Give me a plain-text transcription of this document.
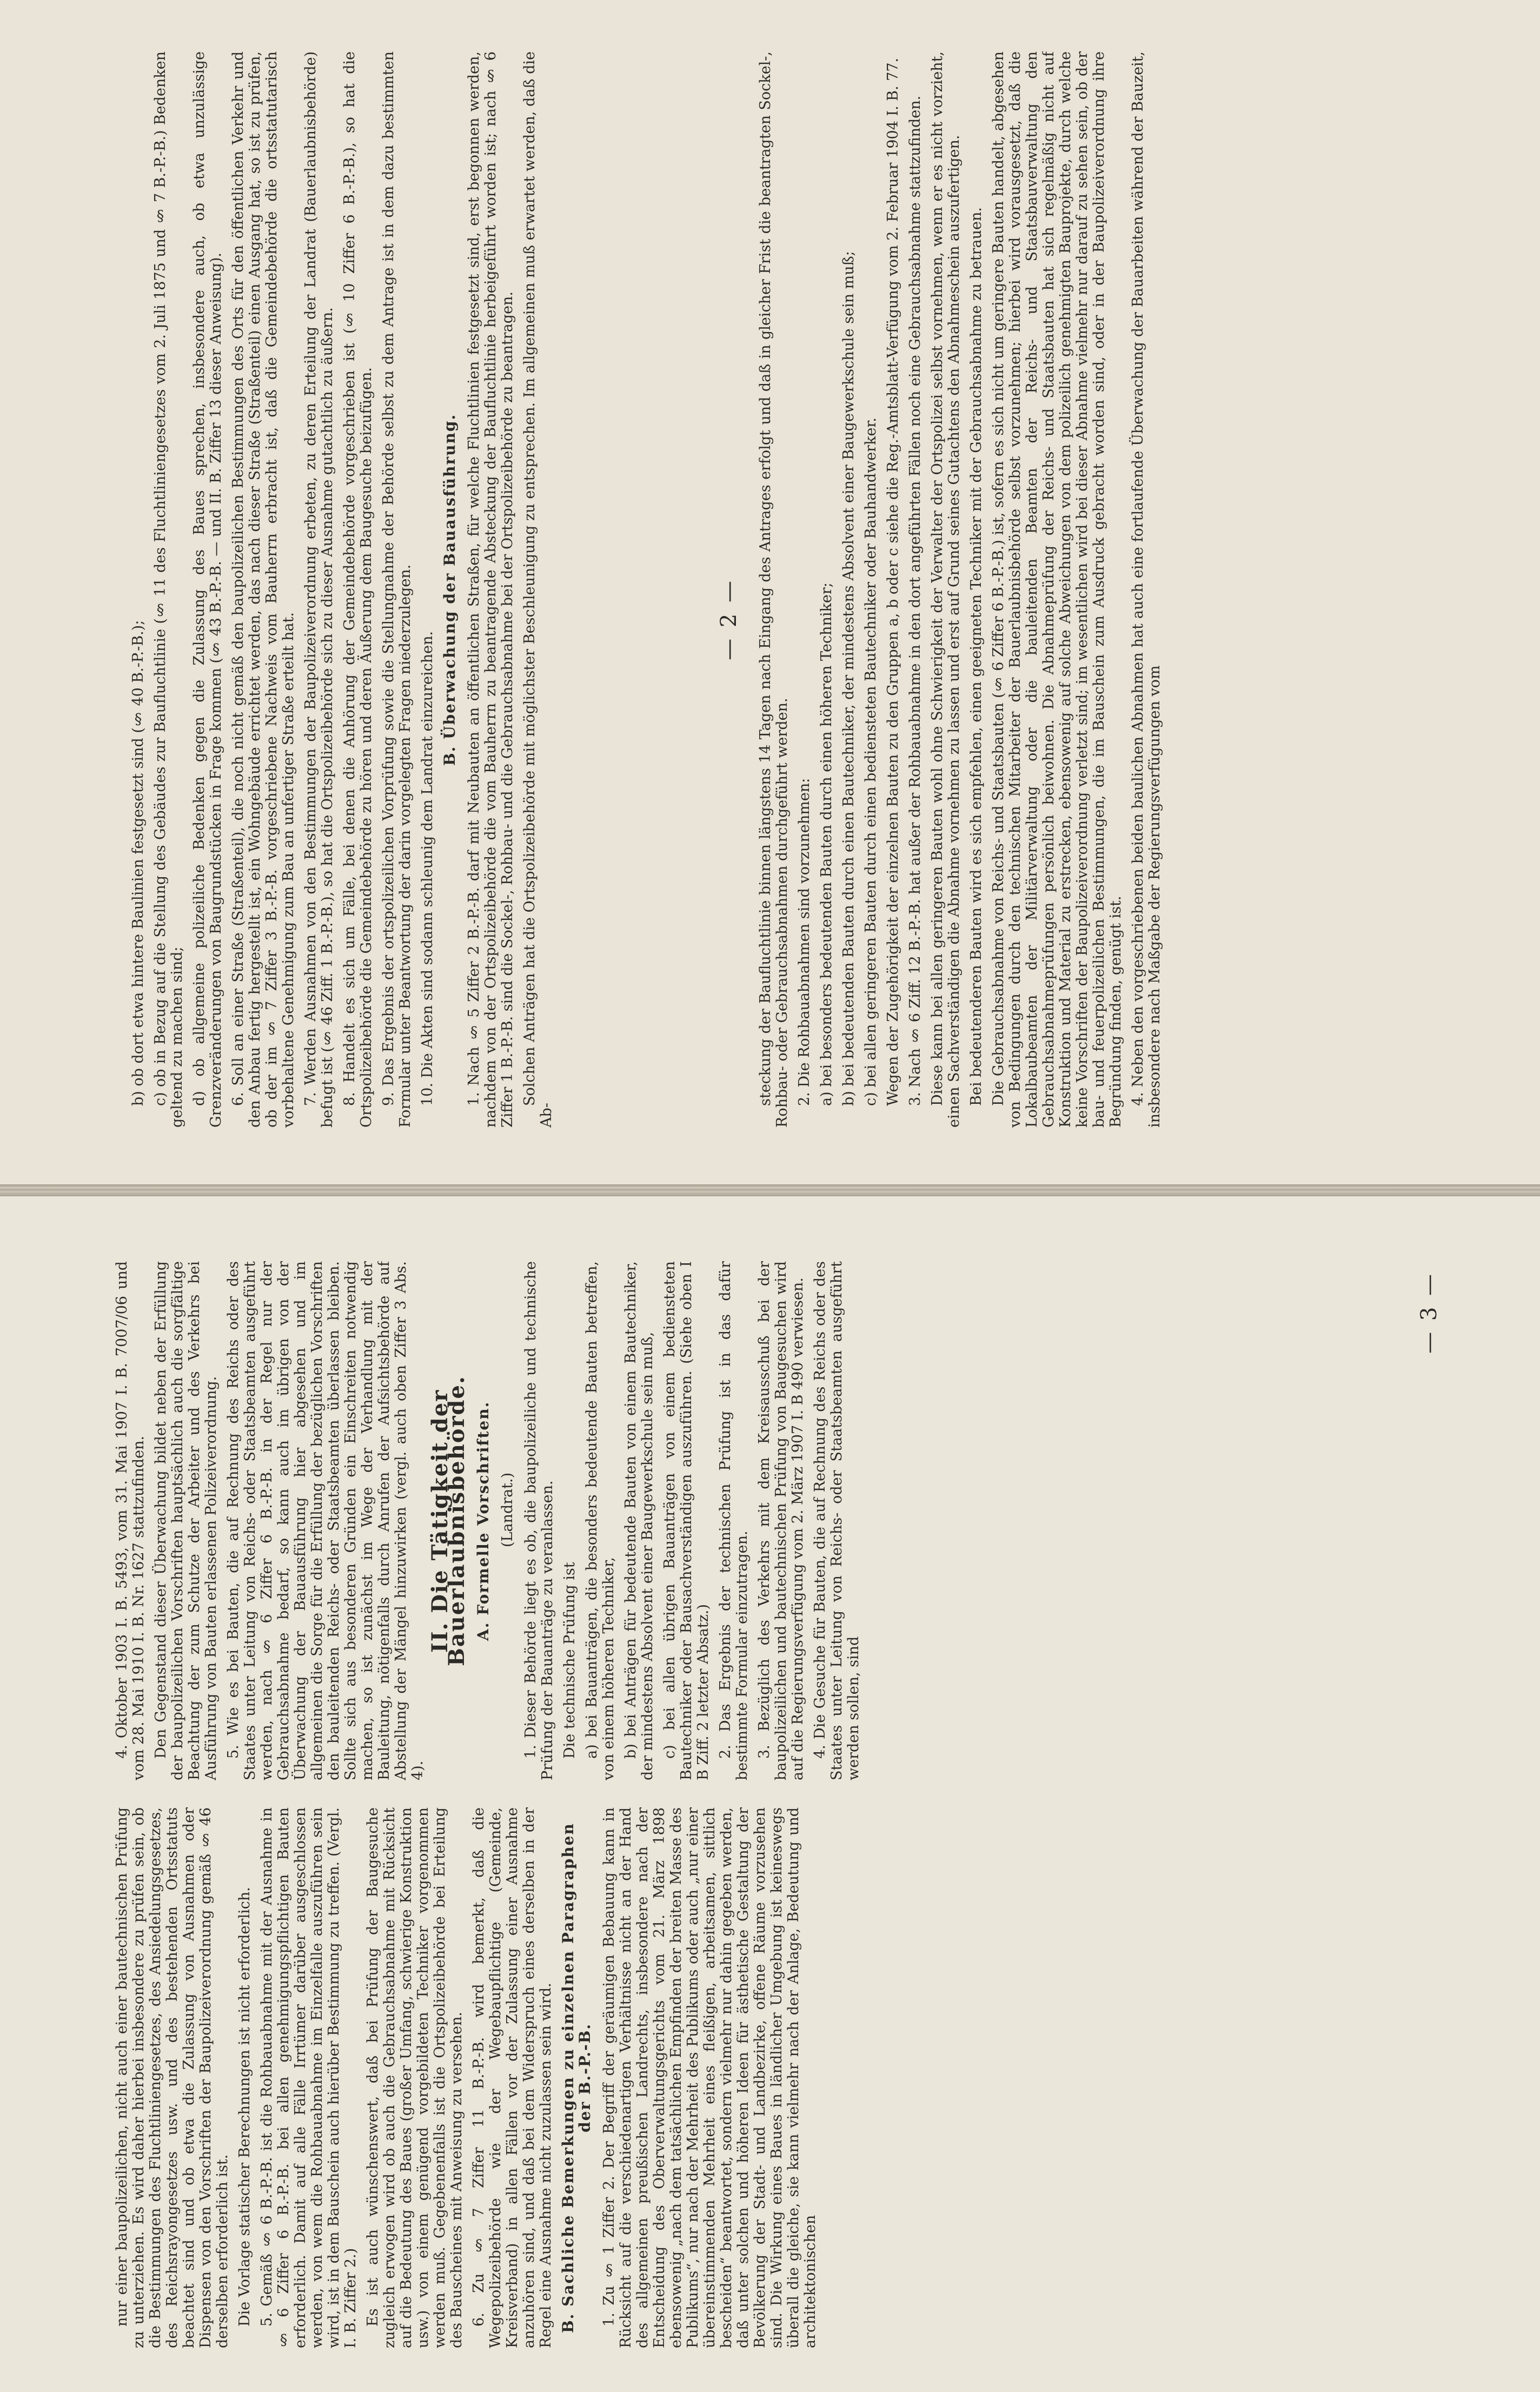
— 2 —

b) ob dort etwa hintere Baulinien festgesetzt sind (§ 40 B.-P.-B.); c) ob in Bezug auf die Stellung des Gebäudes zur Baufluchtlinie (§ 11 des Fluchtliniengesetzes vom 2. Juli 1875 und § 7 B.-P.-B.) Bedenken geltend zu machen sind; d) ob allgemeine polizeiliche Bedenken gegen die Zulassung des Baues sprechen, insbesondere auch, ob etwa unzulässige Grenzveränderungen von Baugrundstücken in Frage kommen (§ 43 B.-P.-B. — und II. B. Ziffer 13 dieser Anweisung). 6. Soll an einer Straße (Straßenteil), die noch nicht gemäß den baupolizeilichen Bestimmungen des Orts für den öffentlichen Verkehr und den Anbau fertig hergestellt ist, ein Wohngebäude errichtet werden, das nach dieser Straße (Straßenteil) einen Ausgang hat, so ist zu prüfen, ob der im § 7 Ziffer 3 B.-P.-B. vorgeschriebene Nachweis vom Bauherrn erbracht ist, daß die Gemeindebehörde die ortsstatutarisch vorbehaltene Genehmigung zum Bau an unfertiger Straße erteilt hat. 7. Werden Ausnahmen von den Bestimmungen der Baupolizeiverordnung erbeten, zu deren Erteilung der Landrat (Bauerlaubnisbehörde) befugt ist (§ 46 Ziff. 1 B.-P.-B.), so hat die Ortspolizeibehörde sich zu dieser Ausnahme gutachtlich zu äußern. 8. Handelt es sich um Fälle, bei denen die Anhörung der Gemeindebehörde vorgeschrieben ist (§ 10 Ziffer 6 B.-P.-B.), so hat die Ortspolizeibehörde die Gemeindebehörde zu hören und deren Äußerung dem Baugesuche beizufügen. 9. Das Ergebnis der ortspolizeilichen Vorprüfung sowie die Stellungnahme der Behörde selbst zu dem Antrage ist in dem dazu bestimmten Formular unter Beantwortung der darin vorgelegten Fragen niederzulegen. 10. Die Akten sind sodann schleunig dem Landrat einzureichen.

B. Überwachung der Bauausführung. 1. Nach § 5 Ziffer 2 B.-P.-B. darf mit Neubauten an öffentlichen Straßen, für welche Fluchtlinien festgesetzt sind, erst begonnen werden, nachdem von der Ortspolizeibehörde die vom Bauherrn zu beantragende Absteckung der Baufluchtlinie herbeigeführt worden ist; nach § 6 Ziffer 1 B.-P.-B. sind die Sockel-, Rohbau- und die Gebrauchsabnahme bei der Ortspolizeibehörde zu beantragen. Solchen Anträgen hat die Ortspolizeibehörde mit möglichster Beschleunigung zu entsprechen. Im allgemeinen muß erwartet werden, daß die Ab-

steckung der Baufluchtlinie binnen längstens 14 Tagen nach Eingang des Antrages erfolgt und daß in gleicher Frist die beantragten Sockel-, Rohbau- oder Gebrauchsabnahmen durchgeführt werden. 2. Die Rohbauabnahmen sind vorzunehmen: a) bei besonders bedeutenden Bauten durch einen höheren Techniker; b) bei bedeutenden Bauten durch einen Bautechniker, der mindestens Absolvent einer Baugewerkschule sein muß; c) bei allen geringeren Bauten durch einen bediensteten Bautechniker oder Bauhandwerker. Wegen der Zugehörigkeit der einzelnen Bauten zu den Gruppen a, b oder c siehe die Reg.-Amtsblatt-Verfügung vom 2. Februar 1904 I. B. 77. 3. Nach § 6 Ziff. 12 B.-P.-B. hat außer der Rohbauabnahme in den dort angeführten Fällen noch eine Gebrauchsabnahme stattzufinden. Diese kann bei allen geringeren Bauten wohl ohne Schwierigkeit der Verwalter der Ortspolizei selbst vornehmen, wenn er es nicht vorzieht, einen Sachverständigen die Abnahme vornehmen zu lassen und erst auf Grund seines Gutachtens den Abnahmeschein auszufertigen. Bei bedeutenderen Bauten wird es sich empfehlen, einen geeigneten Techniker mit der Gebrauchsabnahme zu betrauen. Die Gebrauchsabnahme von Reichs- und Staatsbauten (§ 6 Ziffer 6 B.-P.-B.) ist, sofern es sich nicht um geringere Bauten handelt, abgesehen von Bedingungen durch den technischen Mitarbeiter der Bauerlaubnisbehörde selbst vorzunehmen; hierbei wird vorausgesetzt, daß die Lokalbaubeamten der Militärverwaltung oder die bauleitenden Beamten der Reichs- und Staatsbauverwaltung den Gebrauchsabnahmeprüfungen persönlich beiwohnen. Die Abnahmeprüfung der Reichs- und Staatsbauten hat sich regelmäßig nicht auf Konstruktion und Material zu erstrecken, ebensowenig auf solche Abweichungen von dem polizeilich genehmigten Bauprojekte, durch welche keine Vorschriften der Baupolizeiverordnung verletzt sind; im wesentlichen wird bei dieser Abnahme vielmehr nur darauf zu sehen sein, ob der bau- und feuerpolizeilichen Bestimmungen, die im Bauschein zum Ausdruck gebracht worden sind, oder in der Baupolizeiverordnung ihre Begründung finden, genügt ist. 4. Neben den vorgeschriebenen beiden baulichen Abnahmen hat auch eine fortlaufende Überwachung der Bauarbeiten während der Bauzeit, insbesondere nach Maßgabe der Regierungsverfügungen vom

— 3 —

4. Oktober 1903 I. B. 5493, vom 31. Mai 1907 I. B. 7007/06 und vom 28. Mai 1910 I. B. Nr. 1627 stattzufinden. Den Gegenstand dieser Überwachung bildet neben der Erfüllung der baupolizeilichen Vorschriften hauptsächlich auch die sorgfältige Beachtung der zum Schutze der Arbeiter und des Verkehrs bei Ausführung von Bauten erlassenen Polizeiverordnung. 5. Wie es bei Bauten, die auf Rechnung des Reichs oder des Staates unter Leitung von Reichs- oder Staatsbeamten ausgeführt werden, nach § 6 Ziffer 6 B.-P.-B. in der Regel nur der Gebrauchsabnahme bedarf, so kann auch im übrigen von der Überwachung der Bauausführung hier abgesehen und im allgemeinen die Sorge für die Erfüllung der bezüglichen Vorschriften den bauleitenden Reichs- oder Staatsbeamten überlassen bleiben. Sollte sich aus besonderen Gründen ein Einschreiten notwendig machen, so ist zunächst im Wege der Verhandlung mit der Bauleitung, nötigenfalls durch Anrufen der Aufsichtsbehörde auf Abstellung der Mängel hinzuwirken (vergl. auch oben Ziffer 3 Abs. 4).

II. Die Tätigkeit der Bauerlaubnisbehörde. A. Formelle Vorschriften. (Landrat.) 1. Dieser Behörde liegt es ob, die baupolizeiliche und technische Prüfung der Bauanträge zu veranlassen. Die technische Prüfung ist a) bei Bauanträgen, die besonders bedeutende Bauten betreffen, von einem höheren Techniker, b) bei Anträgen für bedeutende Bauten von einem Bautechniker, der mindestens Absolvent einer Baugewerkschule sein muß, c) bei allen übrigen Bauanträgen von einem bediensteten Bautechniker oder Bausachverständigen auszuführen. (Siehe oben I B Ziff. 2 letzter Absatz.) 2. Das Ergebnis der technischen Prüfung ist in das dafür bestimmte Formular einzutragen. 3. Bezüglich des Verkehrs mit dem Kreisausschuß bei der baupolizeilichen und bautechnischen Prüfung von Baugesuchen wird auf die Regierungsverfügung vom 2. März 1907 I. B 490 verwiesen. 4. Die Gesuche für Bauten, die auf Rechnung des Reichs oder des Staates unter Leitung von Reichs- oder Staatsbeamten ausgeführt werden sollen, sind

nur einer baupolizeilichen, nicht auch einer bautechnischen Prüfung zu unterziehen. Es wird daher hierbei insbesondere zu prüfen sein, ob die Bestimmungen des Fluchtliniengesetzes, des Ansiedelungsgesetzes, des Reichsrayongesetzes usw. und des bestehenden Ortsstatuts beachtet sind und ob etwa die Zulassung von Ausnahmen oder Dispensen von den Vorschriften der Baupolizeiverordnung gemäß § 46 derselben erforderlich ist. Die Vorlage statischer Berechnungen ist nicht erforderlich. 5. Gemäß § 6 B.-P.-B. ist die Rohbauabnahme mit der Ausnahme in § 6 Ziffer 6 B.-P.-B. bei allen genehmigungspflichtigen Bauten erforderlich. Damit auf alle Fälle Irrtümer darüber ausgeschlossen werden, von wem die Rohbauabnahme im Einzelfalle auszuführen sein wird, ist in dem Bauschein auch hierüber Bestimmung zu treffen. (Vergl. I. B. Ziffer 2.) Es ist auch wünschenswert, daß bei Prüfung der Baugesuche zugleich erwogen wird ob auch die Gebrauchsabnahme mit Rücksicht auf die Bedeutung des Baues (großer Umfang, schwierige Konstruktion usw.) von einem genügend vorgebildeten Techniker vorgenommen werden muß. Gegebenenfalls ist die Ortspolizeibehörde bei Erteilung des Bauscheines mit Anweisung zu versehen. 6. Zu § 7 Ziffer 11 B.-P.-B. wird bemerkt, daß die Wegepolizeibehörde wie der Wegebaupflichtige (Gemeinde, Kreisverband) in allen Fällen vor der Zulassung einer Ausnahme anzuhören sind, und daß bei dem Widerspruch eines derselben in der Regel eine Ausnahme nicht zuzulassen sein wird. B. Sachliche Bemerkungen zu einzelnen Paragraphen der B.-P.-B. 1. Zu § 1 Ziffer 2. Der Begriff der geräumigen Bebauung kann in Rücksicht auf die verschiedenartigen Verhältnisse nicht an der Hand des allgemeinen preußischen Landrechts, insbesondere nach der Entscheidung des Oberverwaltungsgerichts vom 21. März 1898 ebensowenig „nach dem tatsächlichen Empfinden der breiten Masse des Publikums“, nur nach der Mehrheit des Publikums oder auch „nur einer übereinstimmenden Mehrheit eines fleißigen, arbeitsamen, sittlich bescheiden“ beantwortet, sondern vielmehr nur dahin gegeben werden, daß unter solchen und höheren Ideen für ästhetische Gestaltung der Bevölkerung der Stadt- und Landbezirke, offene Räume vorzusehen sind. Die Wirkung eines Baues in ländlicher Umgebung ist keineswegs überall die gleiche, sie kann vielmehr nach der Anlage, Bedeutung und architektonischen
